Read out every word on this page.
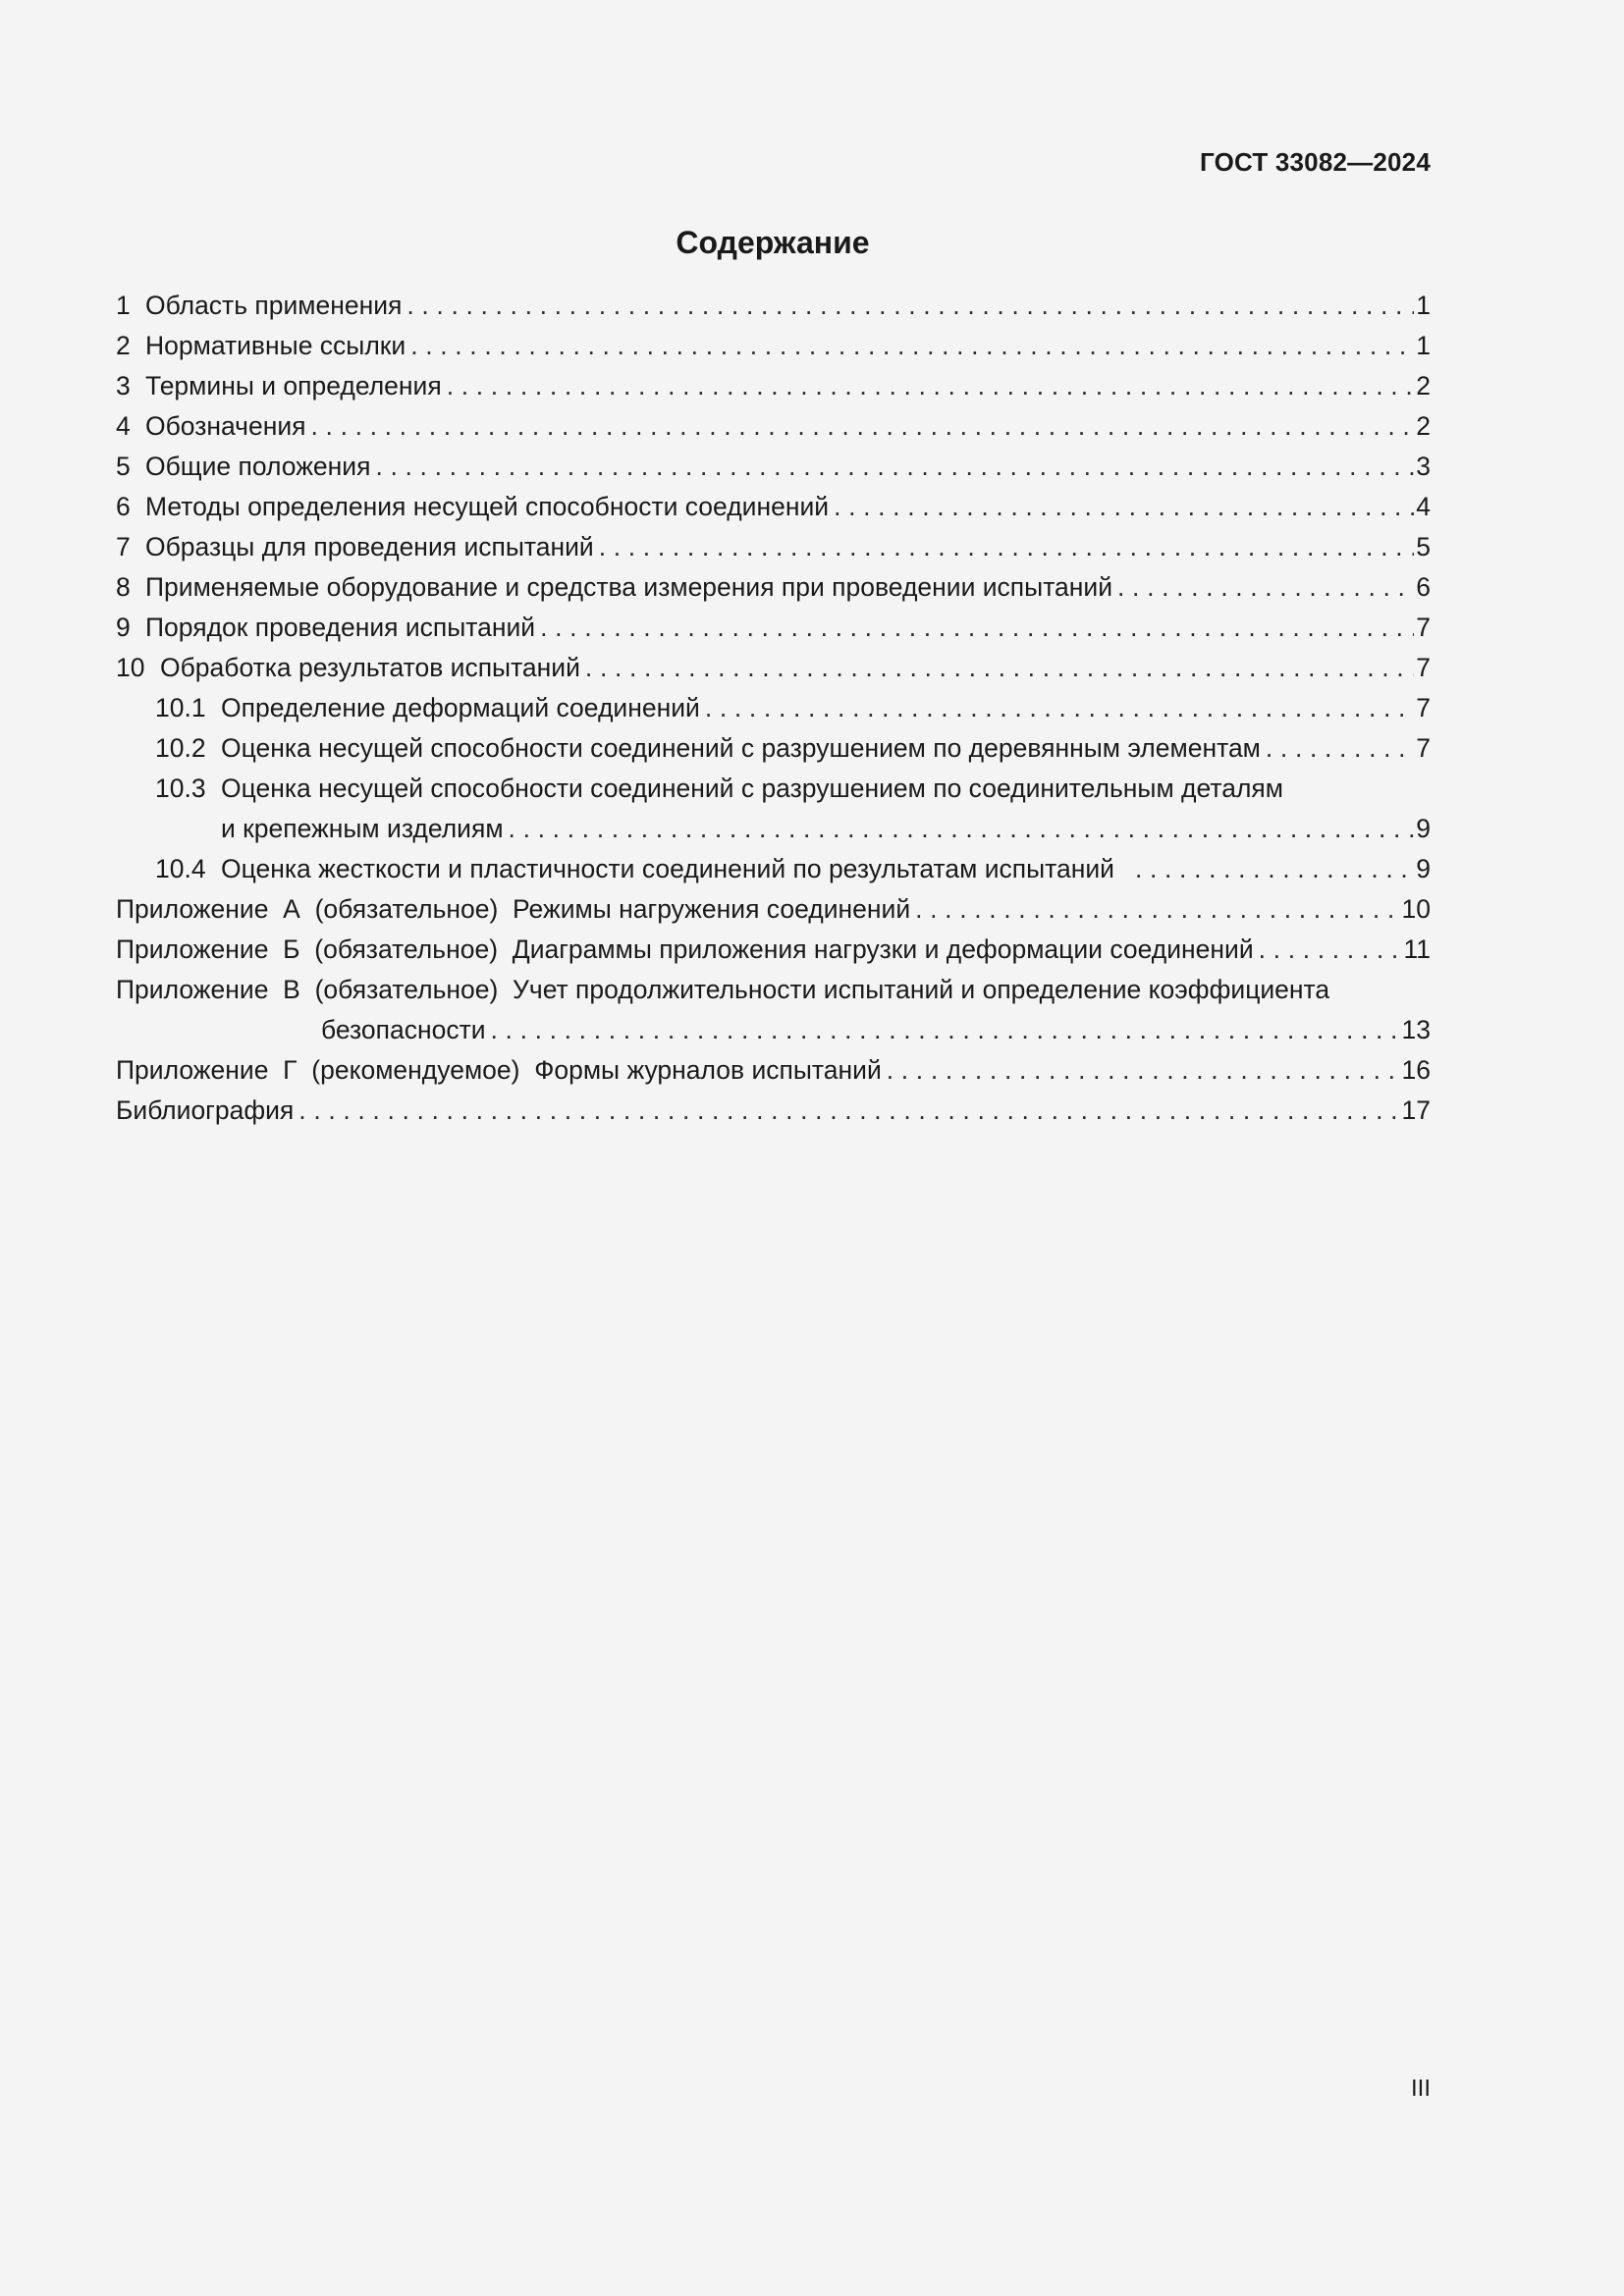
ГОСТ 33082—2024
Содержание
1 Область применения . . .	1
2 Нормативные ссылки . . .	1
3 Термины и определения . . .	2
4 Обозначения . . .	2
5 Общие положения . . .	3
6 Методы определения несущей способности соединений . . .	4
7 Образцы для проведения испытаний . . .	5
8 Применяемые оборудование и средства измерения при проведении испытаний . . .	6
9 Порядок проведения испытаний . . .	7
10 Обработка результатов испытаний . . .	7
10.1 Определение деформаций соединений . . .	7
10.2 Оценка несущей способности соединений с разрушением по деревянным элементам . . .	7
10.3 Оценка несущей способности соединений с разрушением по соединительным деталям
и крепежным изделиям . . .	9
10.4 Оценка жесткости и пластичности соединений по результатам испытаний . . .	9
Приложение А (обязательное) Режимы нагружения соединений . . .	10
Приложение Б (обязательное) Диаграммы приложения нагрузки и деформации соединений . . .	11
Приложение В (обязательное) Учет продолжительности испытаний и определение коэффициента
безопасности . . .	13
Приложение Г (рекомендуемое) Формы журналов испытаний . . .	16
Библиография . . .	17
III
